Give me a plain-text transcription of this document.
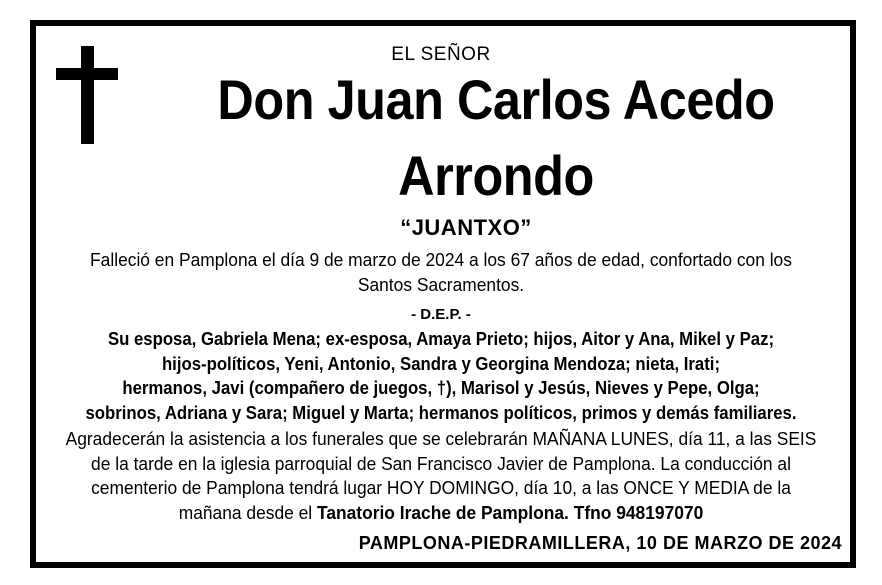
EL SEÑOR
Don Juan Carlos Acedo
Arrondo
“JUANTXO”
Falleció en Pamplona el día 9 de marzo de 2024 a los 67 años de edad, confortado con los Santos Sacramentos.
- D.E.P. -
Su esposa, Gabriela Mena; ex-esposa, Amaya Prieto; hijos, Aitor y Ana, Mikel y Paz;
hijos-políticos, Yeni, Antonio, Sandra y Georgina Mendoza; nieta, Irati;
hermanos, Javi (compañero de juegos, †), Marisol y Jesús, Nieves y Pepe, Olga;
sobrinos, Adriana y Sara; Miguel y Marta; hermanos políticos, primos y demás familiares.
Agradecerán la asistencia a los funerales que se celebrarán MAÑANA LUNES, día 11, a las SEIS de la tarde en la iglesia parroquial de San Francisco Javier de Pamplona. La conducción al cementerio de Pamplona tendrá lugar HOY DOMINGO, día 10, a las ONCE Y MEDIA de la mañana desde el Tanatorio Irache de Pamplona. Tfno 948197070
PAMPLONA-PIEDRAMILLERA, 10 DE MARZO DE 2024
